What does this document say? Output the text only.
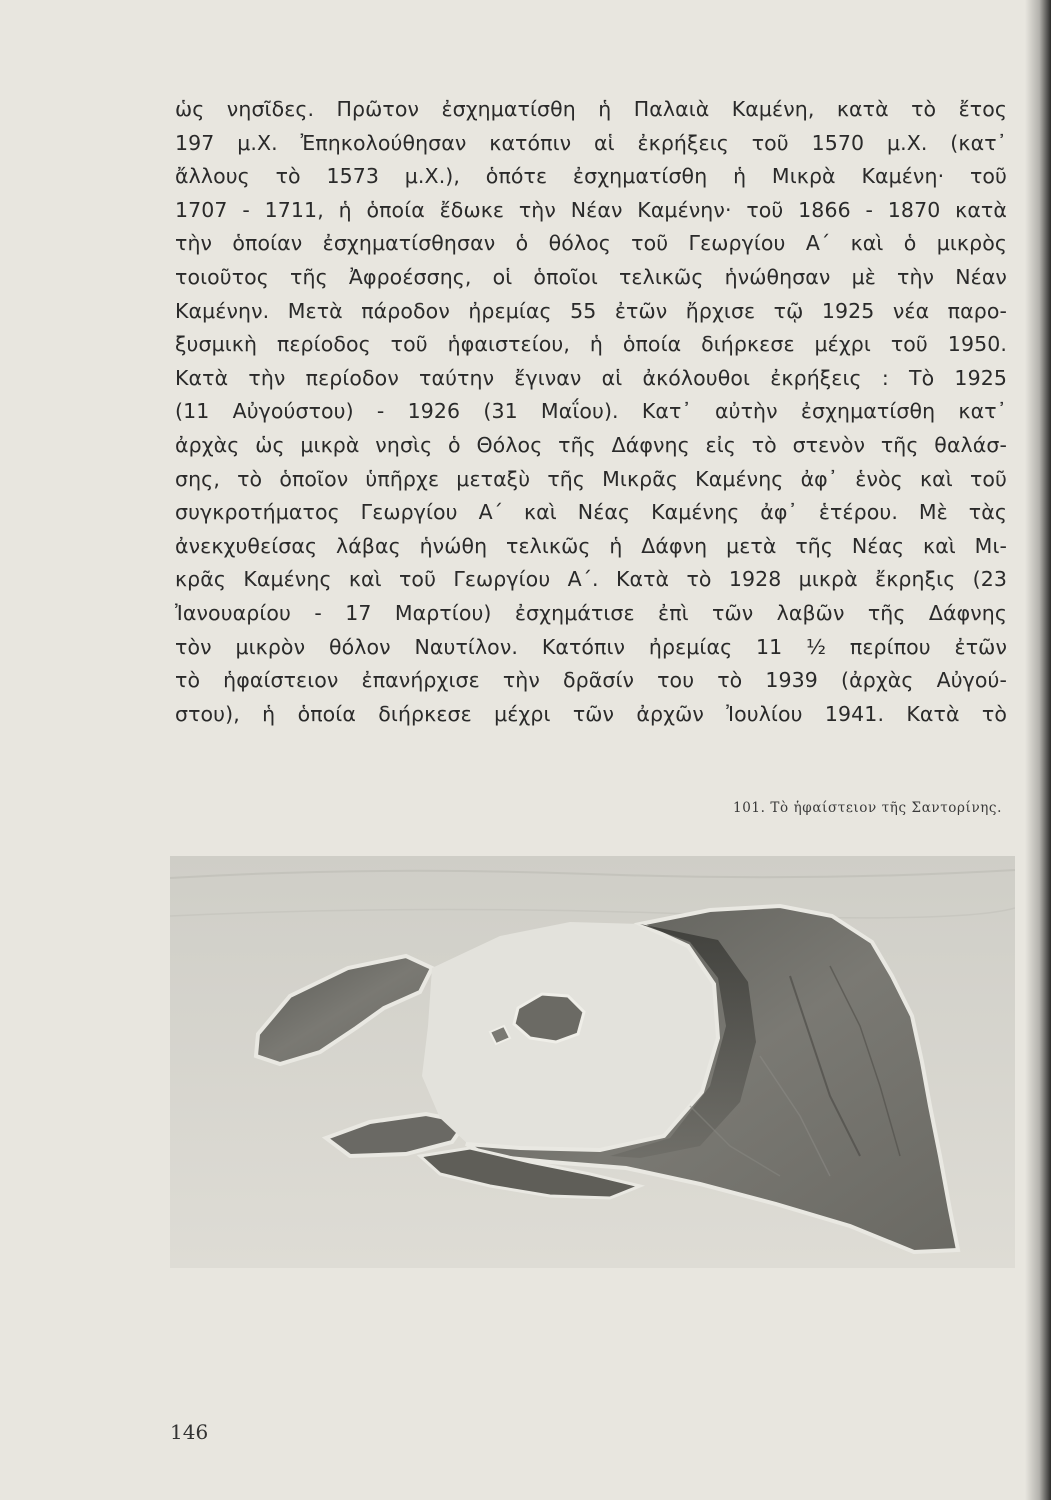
ὡς νησῖδες. Πρῶτον ἐσχηματίσθη ἡ Παλαιὰ Καμένη, κατὰ τὸ ἔτος
197 μ.Χ. Ἐπηκολούθησαν κατόπιν αἱ ἐκρήξεις τοῦ 1570 μ.Χ. (κατ᾽
ἄλλους τὸ 1573 μ.Χ.), ὁπότε ἐσχηματίσθη ἡ Μικρὰ Καμένη· τοῦ
1707 - 1711, ἡ ὁποία ἔδωκε τὴν Νέαν Καμένην· τοῦ 1866 - 1870 κατὰ
τὴν ὁποίαν ἐσχηματίσθησαν ὁ θόλος τοῦ Γεωργίου Α΄ καὶ ὁ μικρὸς
τοιοῦτος τῆς Ἀφροέσσης, οἱ ὁποῖοι τελικῶς ἡνώθησαν μὲ τὴν Νέαν
Καμένην. Μετὰ πάροδον ἠρεμίας 55 ἐτῶν ἤρχισε τῷ 1925 νέα παρο-
ξυσμικὴ περίοδος τοῦ ἡφαιστείου, ἡ ὁποία διήρκεσε μέχρι τοῦ 1950.
Κατὰ τὴν περίοδον ταύτην ἔγιναν αἱ ἀκόλουθοι ἐκρήξεις : Τὸ 1925
(11 Αὐγούστου) - 1926 (31 Μαΐου). Κατ᾽ αὐτὴν ἐσχηματίσθη κατ᾽
ἀρχὰς ὡς μικρὰ νησὶς ὁ Θόλος τῆς Δάφνης εἰς τὸ στενὸν τῆς θαλάσ-
σης, τὸ ὁποῖον ὑπῆρχε μεταξὺ τῆς Μικρᾶς Καμένης ἀφ᾽ ἑνὸς καὶ τοῦ
συγκροτήματος Γεωργίου Α΄ καὶ Νέας Καμένης ἀφ᾽ ἑτέρου. Μὲ τὰς
ἀνεκχυθείσας λάβας ἡνώθη τελικῶς ἡ Δάφνη μετὰ τῆς Νέας καὶ Μι-
κρᾶς Καμένης καὶ τοῦ Γεωργίου Α΄. Κατὰ τὸ 1928 μικρὰ ἔκρηξις (23
Ἰανουαρίου - 17 Μαρτίου) ἐσχημάτισε ἐπὶ τῶν λαβῶν τῆς Δάφνης
τὸν μικρὸν θόλον Ναυτίλον. Κατόπιν ἠρεμίας 11 ½ περίπου ἐτῶν
τὸ ἡφαίστειον ἐπανήρχισε τὴν δρᾶσίν του τὸ 1939 (ἀρχὰς Αὐγού-
στου), ἡ ὁποία διήρκεσε μέχρι τῶν ἀρχῶν Ἰουλίου 1941. Κατὰ τὸ
101. Τὸ ἡφαίστειον τῆς Σαντορίνης.
146
